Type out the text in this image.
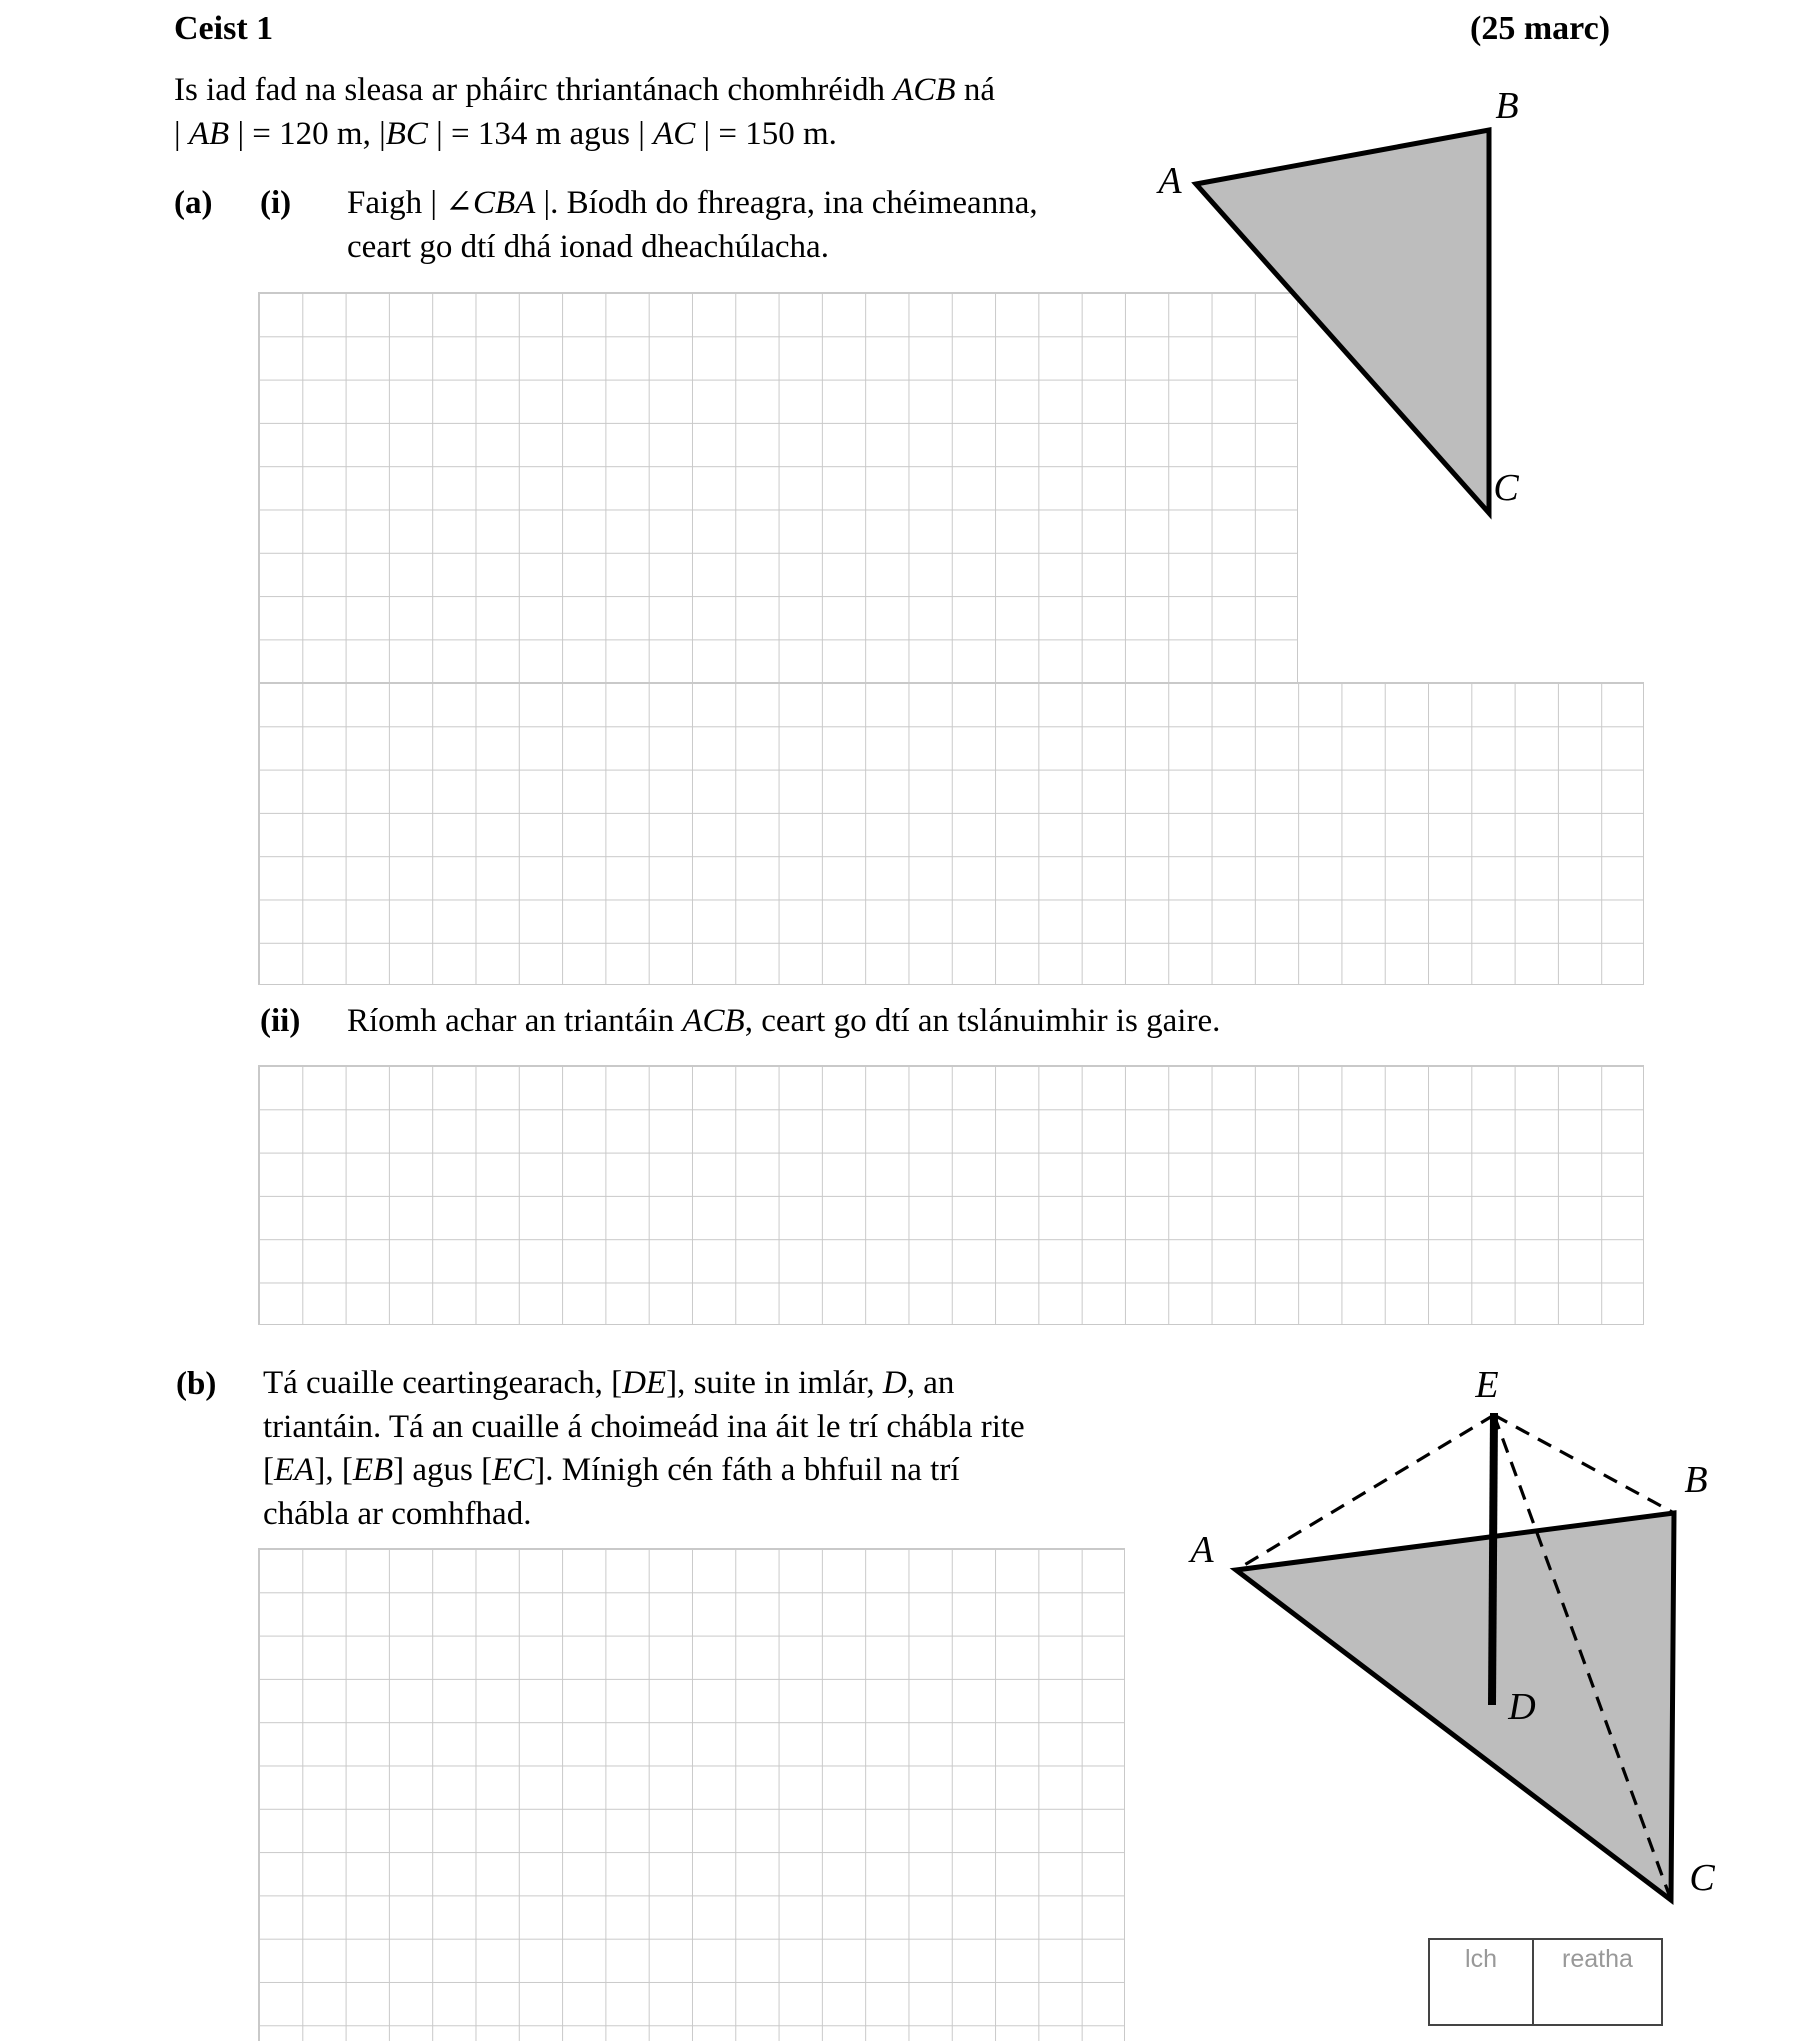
Ceist 1	(25 marc)
Is iad fad na sleasa ar pháirc thriantánach chomhréidh ACB ná
| AB | = 120 m, |BC | = 134 m agus | AC | = 150 m.
(a) (i) Faigh | ∠CBA |. Bíodh do fhreagra, ina chéimeanna,
ceart go dtí dhá ionad dheachúlacha.
(ii) Ríomh achar an triantáin ACB, ceart go dtí an tslánuimhir is gaire.
(b) Tá cuaille ceartingearach, [DE], suite in imlár, D, an
triantáin. Tá an cuaille á choimeád ina áit le trí chábla rite
[EA], [EB] agus [EC]. Mínigh cén fáth a bhfuil na trí
chábla ar comhfhad.
A
B
C
E
A
B
C
D
lch	reatha
